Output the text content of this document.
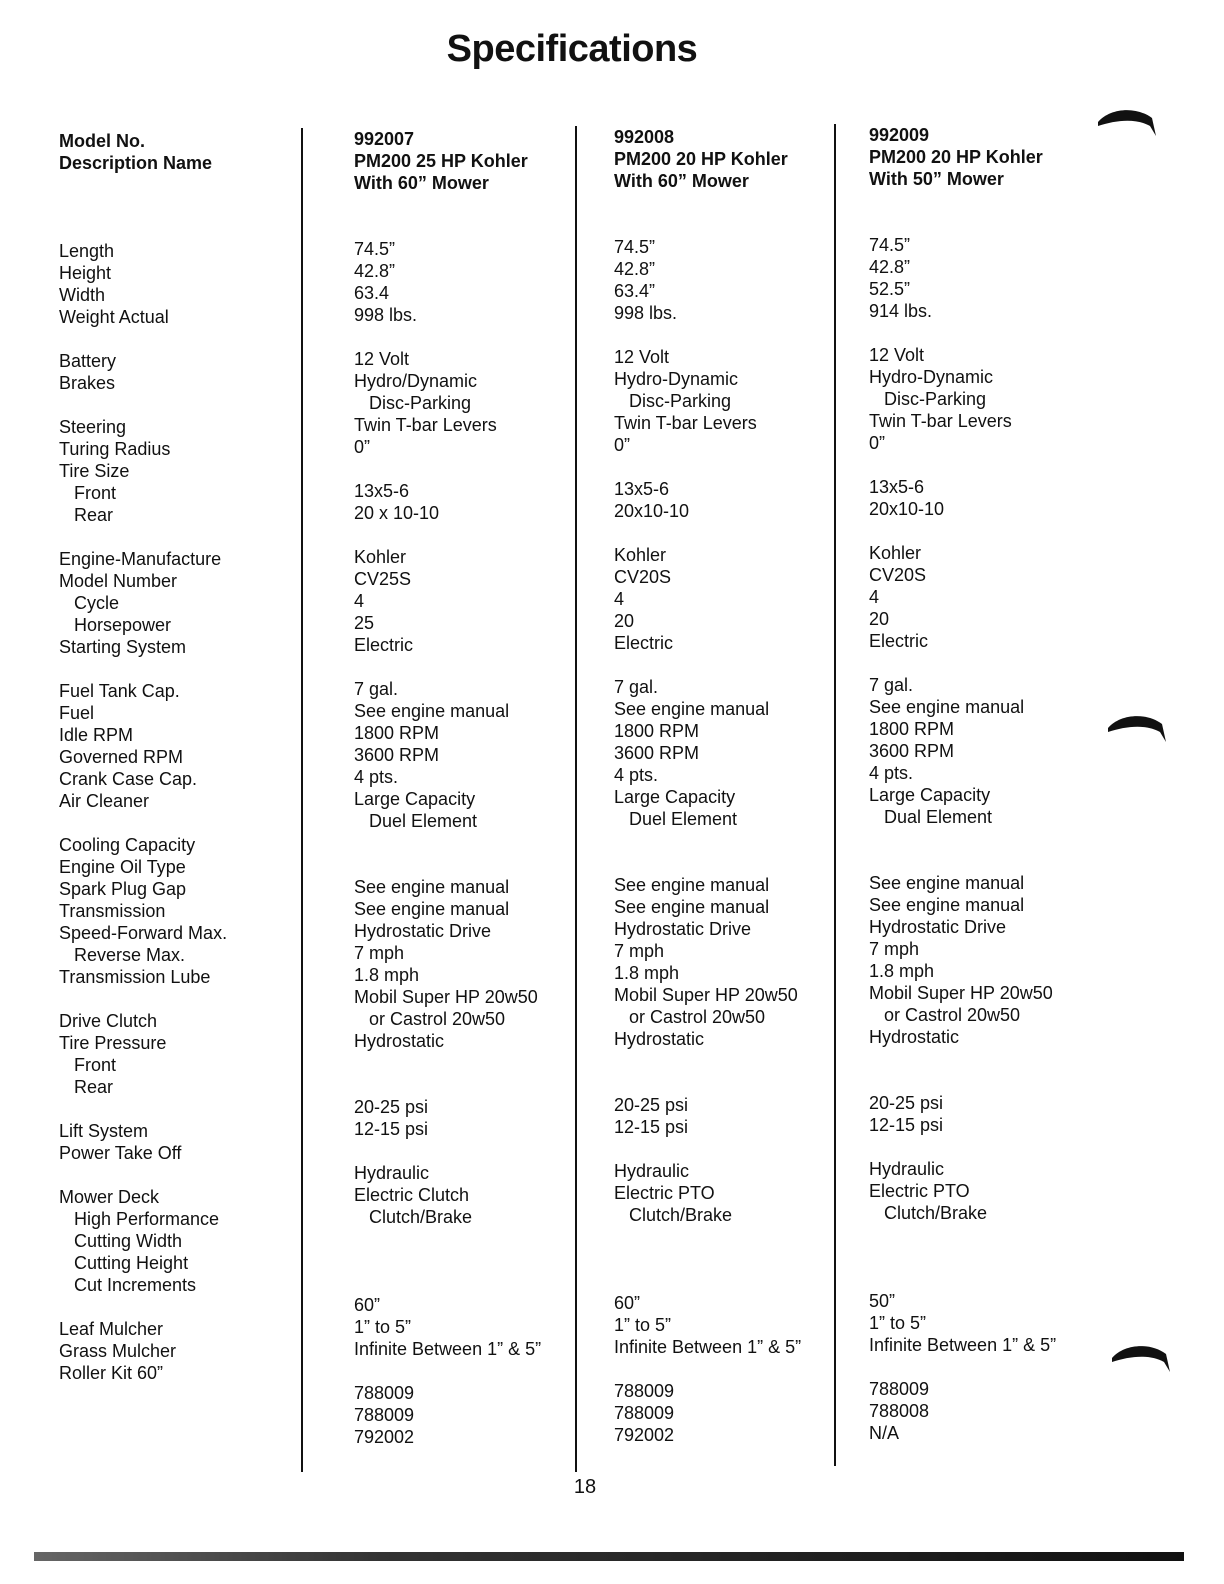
Specifications
Model No.
Description Name
Length
Height
Width
Weight Actual
Battery
Brakes
Steering
Turing Radius
Tire Size
Front
Rear
Engine-Manufacture
Model Number
Cycle
Horsepower
Starting System
Fuel Tank Cap.
Fuel
Idle RPM
Governed RPM
Crank Case Cap.
Air Cleaner
Cooling Capacity
Engine Oil Type
Spark Plug Gap
Transmission
Speed-Forward Max.
Reverse Max.
Transmission Lube
Drive Clutch
Tire Pressure
Front
Rear
Lift System
Power Take Off
Mower Deck
High Performance
Cutting Width
Cutting Height
Cut Increments
Leaf Mulcher
Grass Mulcher
Roller Kit 60”
992007
PM200 25 HP Kohler
With 60” Mower
74.5”
42.8”
63.4
998 lbs.
12 Volt
Hydro/Dynamic
Disc-Parking
Twin T-bar Levers
0”
13x5-6
20 x 10-10
Kohler
CV25S
4
25
Electric
7 gal.
See engine manual
1800 RPM
3600 RPM
4 pts.
Large Capacity
Duel Element
See engine manual
See engine manual
Hydrostatic Drive
7 mph
1.8 mph
Mobil Super HP 20w50
or Castrol 20w50
Hydrostatic
20-25 psi
12-15 psi
Hydraulic
Electric Clutch
Clutch/Brake
60”
1” to 5”
Infinite Between 1” & 5”
788009
788009
792002
992008
PM200 20 HP Kohler
With 60” Mower
74.5”
42.8”
63.4”
998 lbs.
12 Volt
Hydro-Dynamic
Disc-Parking
Twin T-bar Levers
0”
13x5-6
20x10-10
Kohler
CV20S
4
20
Electric
7 gal.
See engine manual
1800 RPM
3600 RPM
4 pts.
Large Capacity
Duel Element
See engine manual
See engine manual
Hydrostatic Drive
7 mph
1.8 mph
Mobil Super HP 20w50
or Castrol 20w50
Hydrostatic
20-25 psi
12-15 psi
Hydraulic
Electric PTO
Clutch/Brake
60”
1” to 5”
Infinite Between 1” & 5”
788009
788009
792002
992009
PM200 20 HP Kohler
With 50” Mower
74.5”
42.8”
52.5”
914 lbs.
12 Volt
Hydro-Dynamic
Disc-Parking
Twin T-bar Levers
0”
13x5-6
20x10-10
Kohler
CV20S
4
20
Electric
7 gal.
See engine manual
1800 RPM
3600 RPM
4 pts.
Large Capacity
Dual Element
See engine manual
See engine manual
Hydrostatic Drive
7 mph
1.8 mph
Mobil Super HP 20w50
or Castrol 20w50
Hydrostatic
20-25 psi
12-15 psi
Hydraulic
Electric PTO
Clutch/Brake
50”
1” to 5”
Infinite Between 1” & 5”
788009
788008
N/A
18
